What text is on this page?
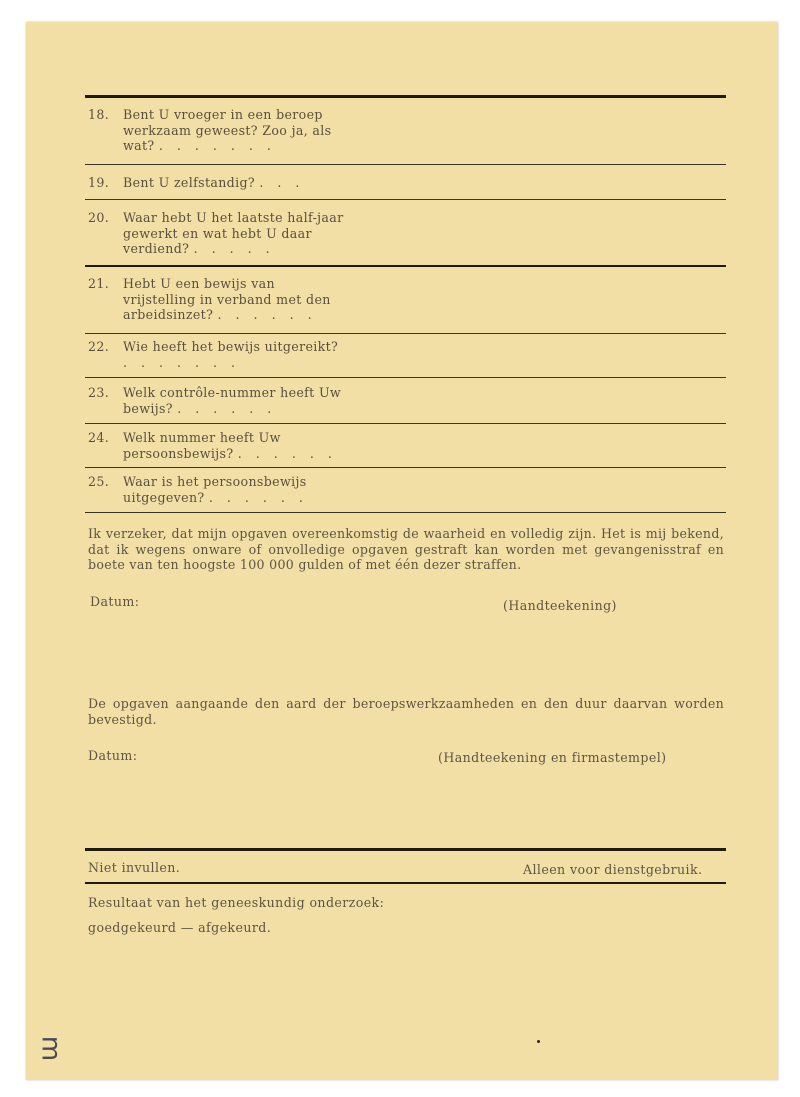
18. Bent U vroeger in een beroep werkzaam geweest? Zoo ja, als wat? . . . . . . .
19. Bent U zelfstandig? . . .
20. Waar hebt U het laatste half-jaar gewerkt en wat hebt U daar verdiend? . . . . .
21. Hebt U een bewijs van vrijstelling in verband met den arbeidsinzet? . . . . . .
22. Wie heeft het bewijs uitgereikt? . . . . . . .
23. Welk contrôle-nummer heeft Uw bewijs? . . . . . .
24. Welk nummer heeft Uw persoonsbewijs? . . . . . .
25. Waar is het persoonsbewijs uitgegeven? . . . . . .
Ik verzeker, dat mijn opgaven overeenkomstig de waarheid en volledig zijn. Het is mij bekend, dat ik wegens onware of onvolledige opgaven gestraft kan worden met gevangenisstraf en boete van ten hoogste 100 000 gulden of met één dezer straffen.
Datum:	(Handteekening)
De opgaven aangaande den aard der beroepswerkzaamheden en den duur daarvan worden bevestigd.
Datum:	(Handteekening en firmastempel)
Niet invullen.	Alleen voor dienstgebruik.
Resultaat van het geneeskundig onderzoek:
goedgekeurd — afgekeurd.
ᴟ
